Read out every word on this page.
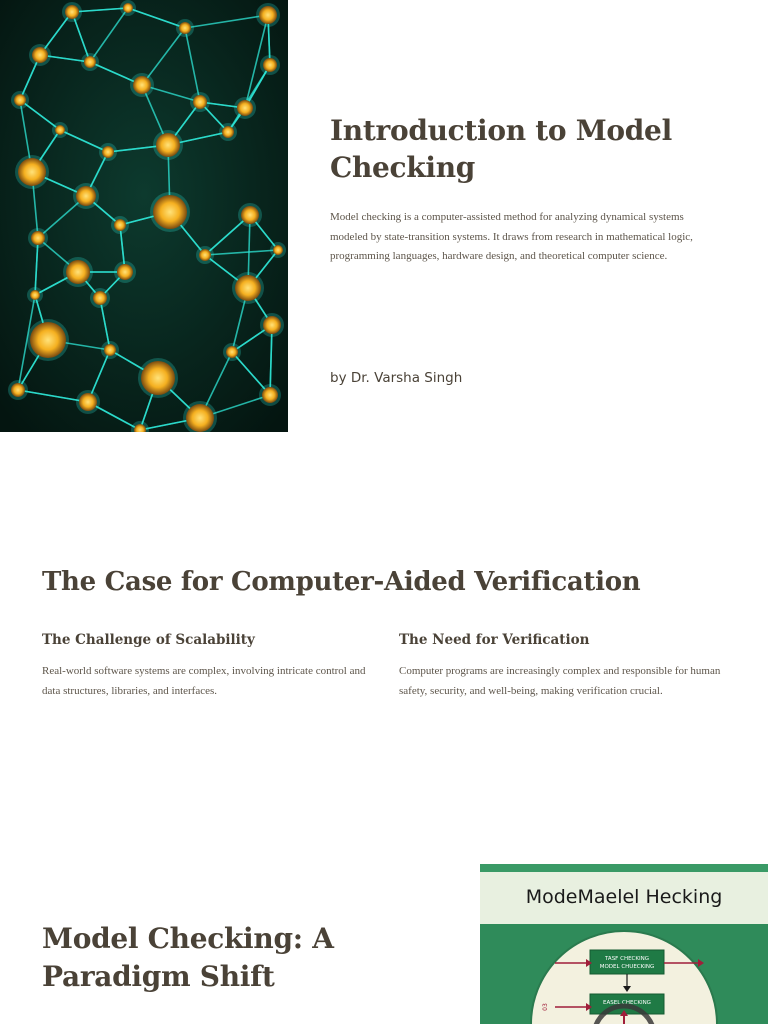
Introduction to Model Checking

Model checking is a computer-assisted method for analyzing dynamical systems modeled by state-transition systems. It draws from research in mathematical logic, programming languages, hardware design, and theoretical computer science.

by Dr. Varsha Singh

The Case for Computer-Aided Verification
The Challenge of Scalability

Real-world software systems are complex, involving intricate control and data structures, libraries, and interfaces.

The Need for Verification

Computer programs are increasingly complex and responsible for human safety, security, and well-being, making verification crucial.

Model Checking: A Paradigm Shift
ModeMaelel Hecking
TASF CHECKING
MODEL CHUECKING
EASEL CHECKING
03
